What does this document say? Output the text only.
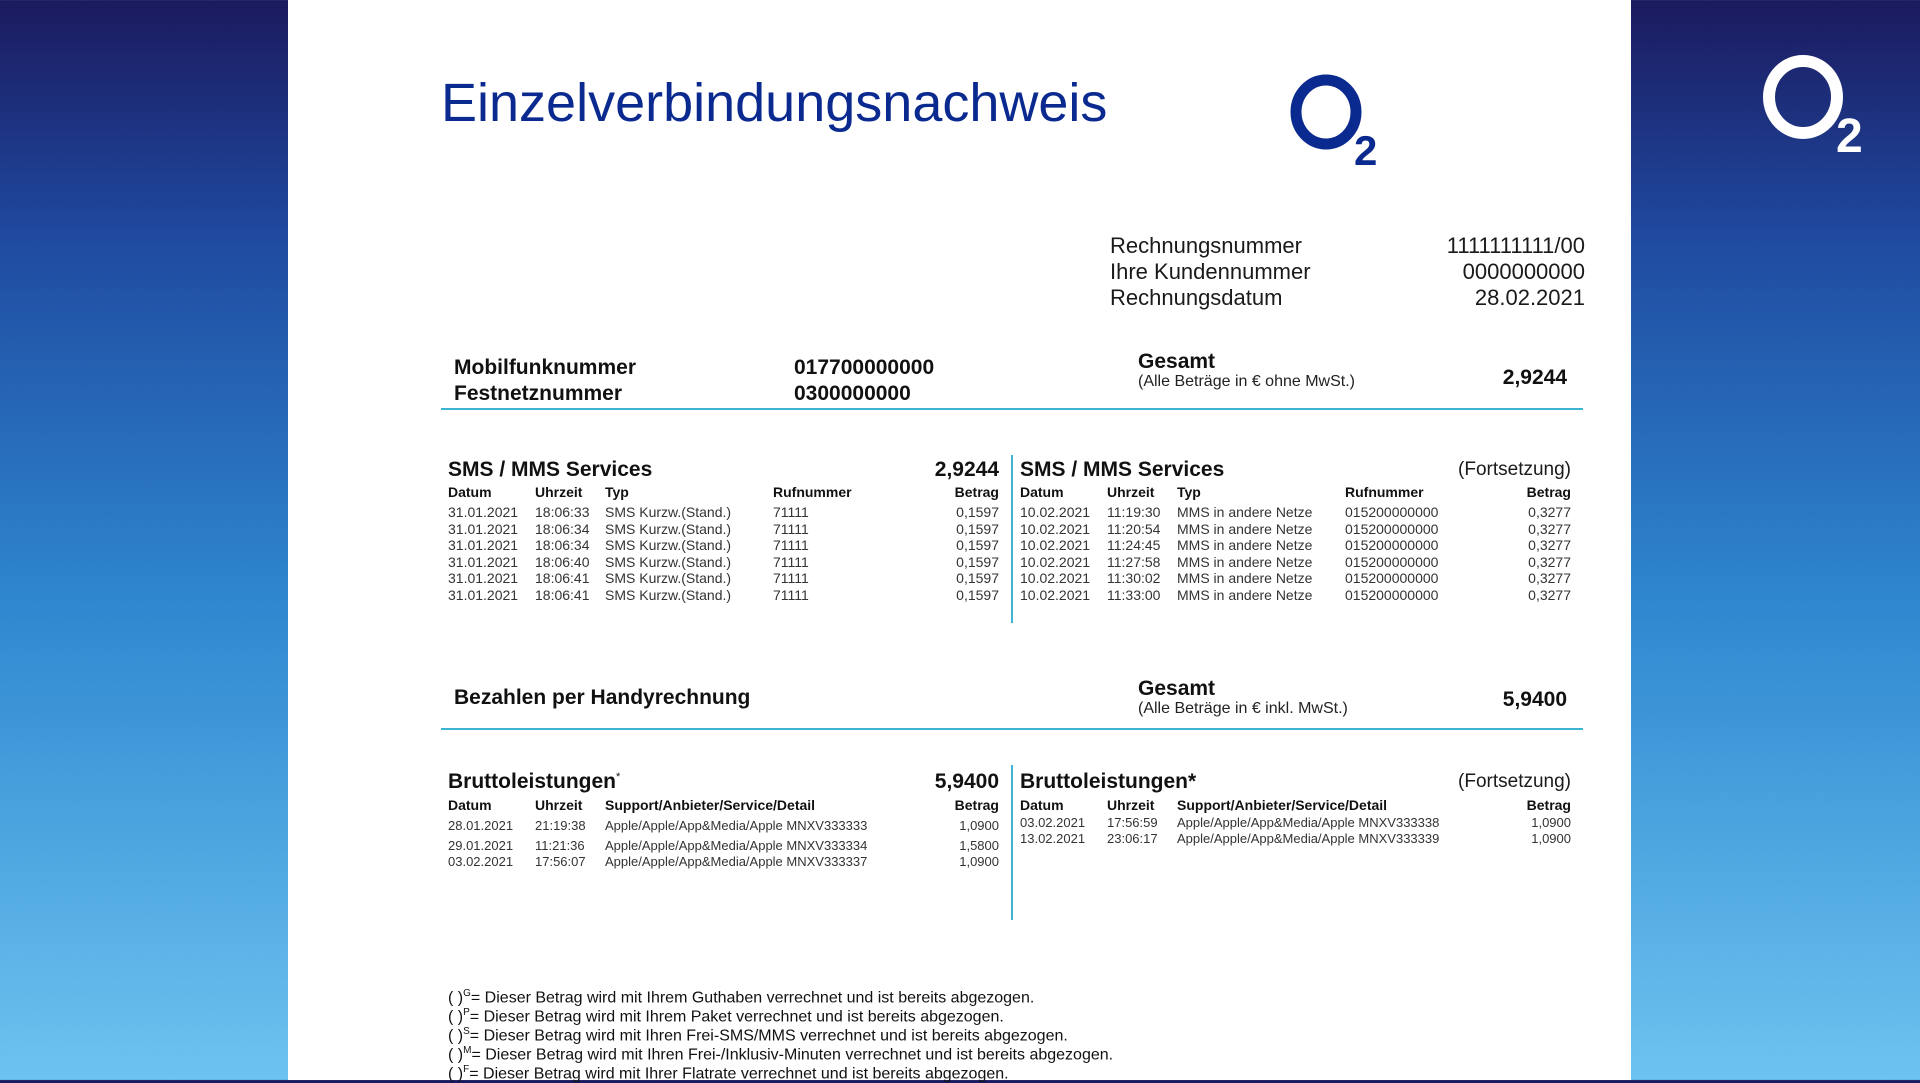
2
Einzelverbindungsnachweis
2
Rechnungsnummer	1111111111/00
Ihre Kundennummer	0000000000
Rechnungsdatum	28.02.2021
Mobilfunknummer	017700000000
Festnetznummer	0300000000
Gesamt
(Alle Beträge in € ohne MwSt.)	2,9244
SMS / MMS Services	2,9244
Datum	Uhrzeit Typ	Rufnummer	Betrag
31.01.2021 18:06:33 SMS Kurzw.(Stand.)	71111	0,1597
31.01.2021 18:06:34 SMS Kurzw.(Stand.)	71111	0,1597
31.01.2021 18:06:34 SMS Kurzw.(Stand.)	71111	0,1597
31.01.2021 18:06:40 SMS Kurzw.(Stand.)	71111	0,1597
31.01.2021 18:06:41 SMS Kurzw.(Stand.)	71111	0,1597
31.01.2021 18:06:41 SMS Kurzw.(Stand.)	71111	0,1597
SMS / MMS Services	(Fortsetzung)
Datum	Uhrzeit Typ	Rufnummer	Betrag
10.02.2021 11:19:30 MMS in andere Netze 015200000000	0,3277
10.02.2021 11:20:54 MMS in andere Netze 015200000000	0,3277
10.02.2021 11:24:45 MMS in andere Netze 015200000000	0,3277
10.02.2021 11:27:58 MMS in andere Netze 015200000000	0,3277
10.02.2021 11:30:02 MMS in andere Netze 015200000000	0,3277
10.02.2021 11:33:00 MMS in andere Netze 015200000000	0,3277
Bezahlen per Handyrechnung	Gesamt
(Alle Beträge in € inkl. MwSt.)	5,9400
Bruttoleistungen*	5,9400
Datum	Uhrzeit Support/Anbieter/Service/Detail	Betrag
28.01.2021 21:19:38 Apple/Apple/App&Media/Apple MNXV333333	1,0900
29.01.2021 11:21:36 Apple/Apple/App&Media/Apple MNXV333334	1,5800
03.02.2021 17:56:07 Apple/Apple/App&Media/Apple MNXV333337	1,0900
Bruttoleistungen*	(Fortsetzung)
Datum	Uhrzeit Support/Anbieter/Service/Detail	Betrag
03.02.2021 17:56:59 Apple/Apple/App&Media/Apple MNXV333338	1,0900
13.02.2021 23:06:17 Apple/Apple/App&Media/Apple MNXV333339	1,0900
( )$^G$= Dieser Betrag wird mit Ihrem Guthaben verrechnet und ist bereits abgezogen.
( )$^P$= Dieser Betrag wird mit Ihrem Paket verrechnet und ist bereits abgezogen.
( )$^S$= Dieser Betrag wird mit Ihren Frei-SMS/MMS verrechnet und ist bereits abgezogen.
( )$^M$= Dieser Betrag wird mit Ihren Frei-/Inklusiv-Minuten verrechnet und ist bereits abgezogen.
( )$^F$= Dieser Betrag wird mit Ihrer Flatrate verrechnet und ist bereits abgezogen.
